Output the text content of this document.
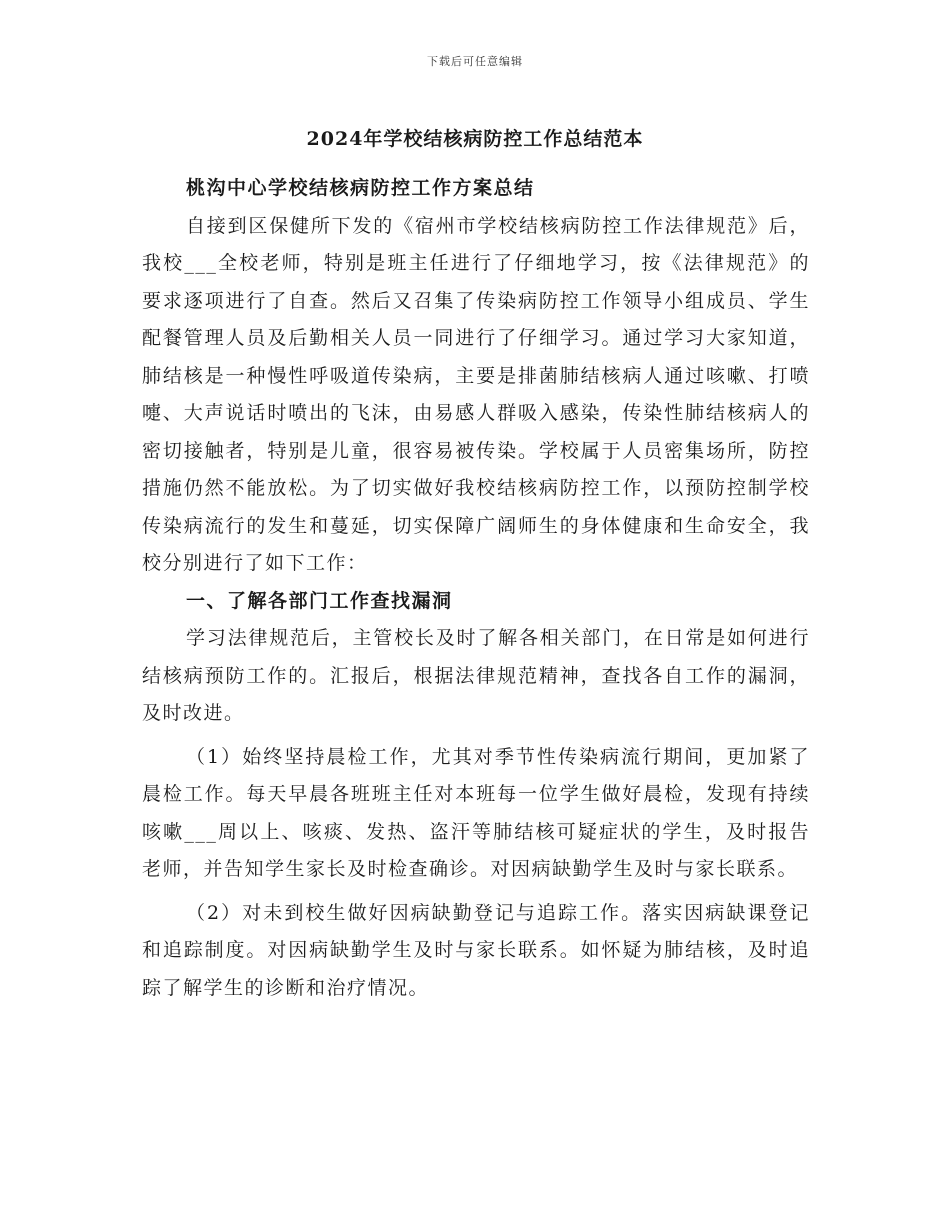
下载后可任意编辑
2024年学校结核病防控工作总结范本

桃沟中心学校结核病防控工作方案总结

自接到区保健所下发的《宿州市学校结核病防控工作法律规范》后，我校___全校老师，特别是班主任进行了仔细地学习，按《法律规范》的要求逐项进行了自查。然后又召集了传染病防控工作领导小组成员、学生配餐管理人员及后勤相关人员一同进行了仔细学习。通过学习大家知道，肺结核是一种慢性呼吸道传染病，主要是排菌肺结核病人通过咳嗽、打喷嚏、大声说话时喷出的飞沫，由易感人群吸入感染，传染性肺结核病人的密切接触者，特别是儿童，很容易被传染。学校属于人员密集场所，防控措施仍然不能放松。为了切实做好我校结核病防控工作，以预防控制学校传染病流行的发生和蔓延，切实保障广阔师生的身体健康和生命安全，我校分别进行了如下工作：

一、了解各部门工作查找漏洞

学习法律规范后，主管校长及时了解各相关部门，在日常是如何进行结核病预防工作的。汇报后，根据法律规范精神，查找各自工作的漏洞，及时改进。

（1）始终坚持晨检工作，尤其对季节性传染病流行期间，更加紧了晨检工作。每天早晨各班班主任对本班每一位学生做好晨检，发现有持续咳嗽___周以上、咳痰、发热、盗汗等肺结核可疑症状的学生，及时报告老师，并告知学生家长及时检查确诊。对因病缺勤学生及时与家长联系。

（2）对未到校生做好因病缺勤登记与追踪工作。落实因病缺课登记和追踪制度。对因病缺勤学生及时与家长联系。如怀疑为肺结核，及时追踪了解学生的诊断和治疗情况。
